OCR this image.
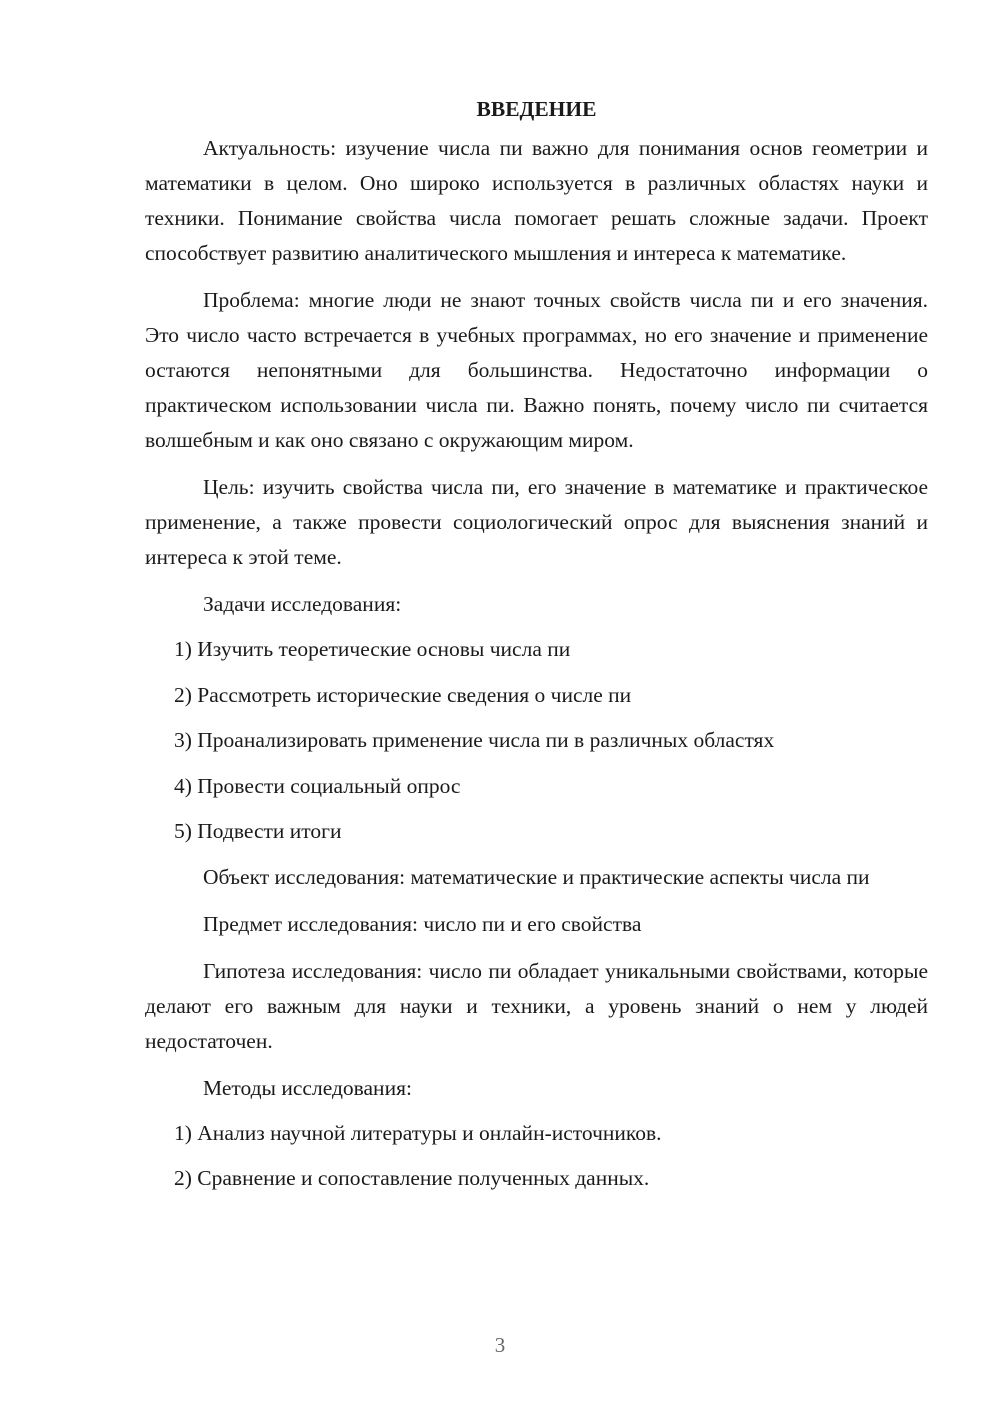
ВВЕДЕНИЕ

Актуальность: изучение числа пи важно для понимания основ геометрии и математики в целом. Оно широко используется в различных областях науки и техники. Понимание свойства числа помогает решать сложные задачи. Проект способствует развитию аналитического мышления и интереса к математике.

Проблема: многие люди не знают точных свойств числа пи и его значения. Это число часто встречается в учебных программах, но его значение и применение остаются непонятными для большинства. Недостаточно информации о практическом использовании числа пи. Важно понять, почему число пи считается волшебным и как оно связано с окружающим миром.

Цель: изучить свойства числа пи, его значение в математике и практическое применение, а также провести социологический опрос для выяснения знаний и интереса к этой теме.

Задачи исследования:

1) Изучить теоретические основы числа пи

2) Рассмотреть исторические сведения о числе пи

3) Проанализировать применение числа пи в различных областях

4) Провести социальный опрос

5) Подвести итоги

Объект исследования: математические и практические аспекты числа пи

Предмет исследования: число пи и его свойства

Гипотеза исследования: число пи обладает уникальными свойствами, которые делают его важным для науки и техники, а уровень знаний о нем у людей недостаточен.

Методы исследования:

1) Анализ научной литературы и онлайн-источников.

2) Сравнение и сопоставление полученных данных.

3
